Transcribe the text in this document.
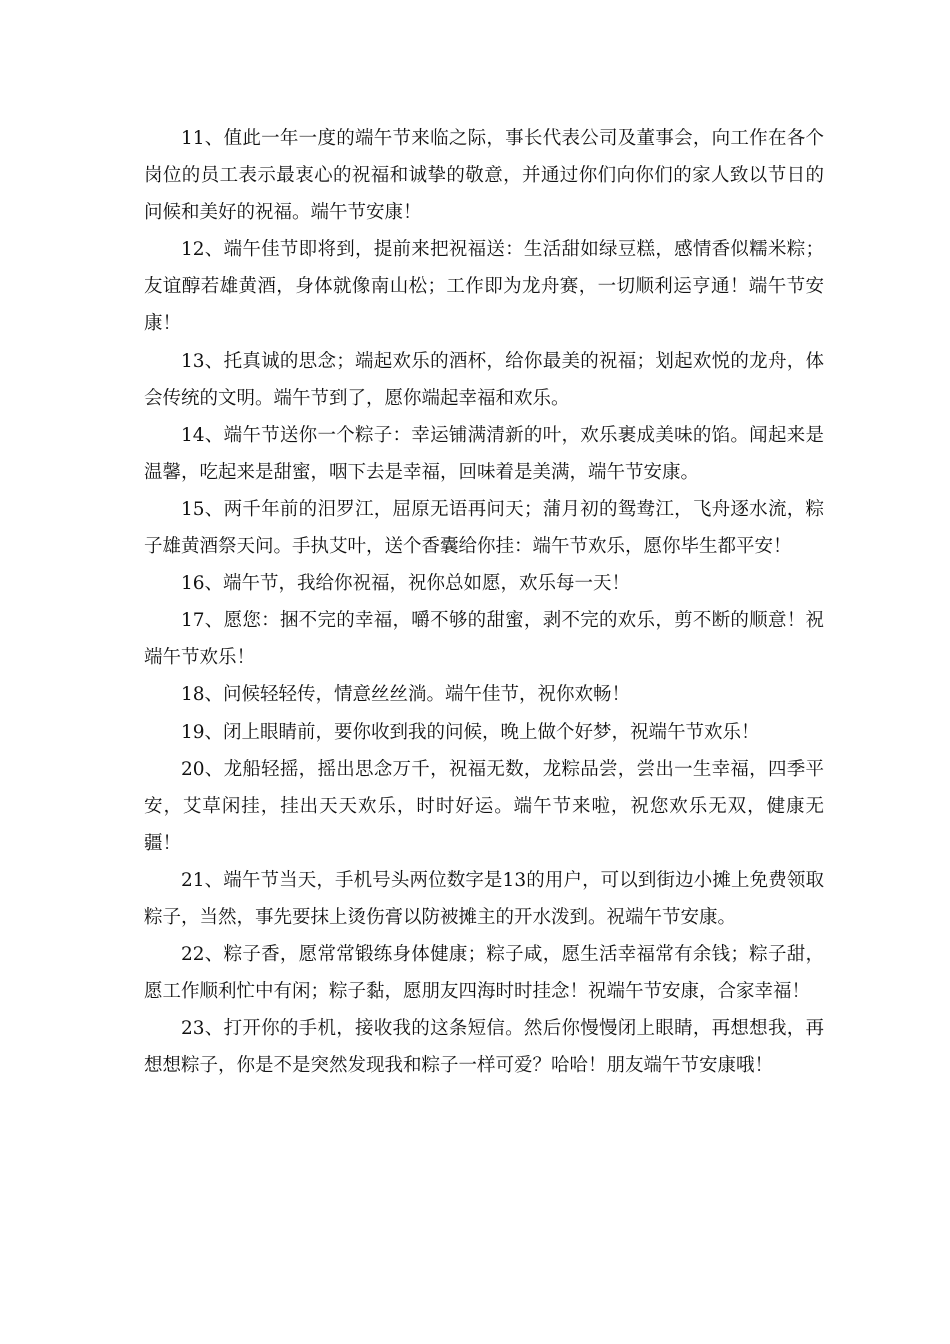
11、值此一年一度的端午节来临之际，事长代表公司及董事会，向工作在各个岗位的员工表示最衷心的祝福和诚挚的敬意，并通过你们向你们的家人致以节日的问候和美好的祝福。端午节安康！

12、端午佳节即将到，提前来把祝福送：生活甜如绿豆糕，感情香似糯米粽；友谊醇若雄黄酒，身体就像南山松；工作即为龙舟赛，一切顺利运亨通！端午节安康！

13、托真诚的思念；端起欢乐的酒杯，给你最美的祝福；划起欢悦的龙舟，体会传统的文明。端午节到了，愿你端起幸福和欢乐。

14、端午节送你一个粽子：幸运铺满清新的叶，欢乐裹成美味的馅。闻起来是温馨，吃起来是甜蜜，咽下去是幸福，回味着是美满，端午节安康。

15、两千年前的汨罗江，屈原无语再问天；蒲月初的鸳鸯江，飞舟逐水流，粽子雄黄酒祭天问。手执艾叶，送个香囊给你挂：端午节欢乐，愿你毕生都平安！

16、端午节，我给你祝福，祝你总如愿，欢乐每一天！

17、愿您：捆不完的幸福，嚼不够的甜蜜，剥不完的欢乐，剪不断的顺意！祝端午节欢乐！

18、问候轻轻传，情意丝丝淌。端午佳节，祝你欢畅！

19、闭上眼睛前，要你收到我的问候，晚上做个好梦，祝端午节欢乐！

20、龙船轻摇，摇出思念万千，祝福无数，龙粽品尝，尝出一生幸福，四季平安，艾草闲挂，挂出天天欢乐，时时好运。端午节来啦，祝您欢乐无双，健康无疆！

21、端午节当天，手机号头两位数字是13的用户，可以到街边小摊上免费领取粽子，当然，事先要抹上烫伤膏以防被摊主的开水泼到。祝端午节安康。

22、粽子香，愿常常锻练身体健康；粽子咸，愿生活幸福常有余钱；粽子甜，愿工作顺利忙中有闲；粽子黏，愿朋友四海时时挂念！祝端午节安康，合家幸福！

23、打开你的手机，接收我的这条短信。然后你慢慢闭上眼睛，再想想我，再想想粽子，你是不是突然发现我和粽子一样可爱？哈哈！朋友端午节安康哦！
